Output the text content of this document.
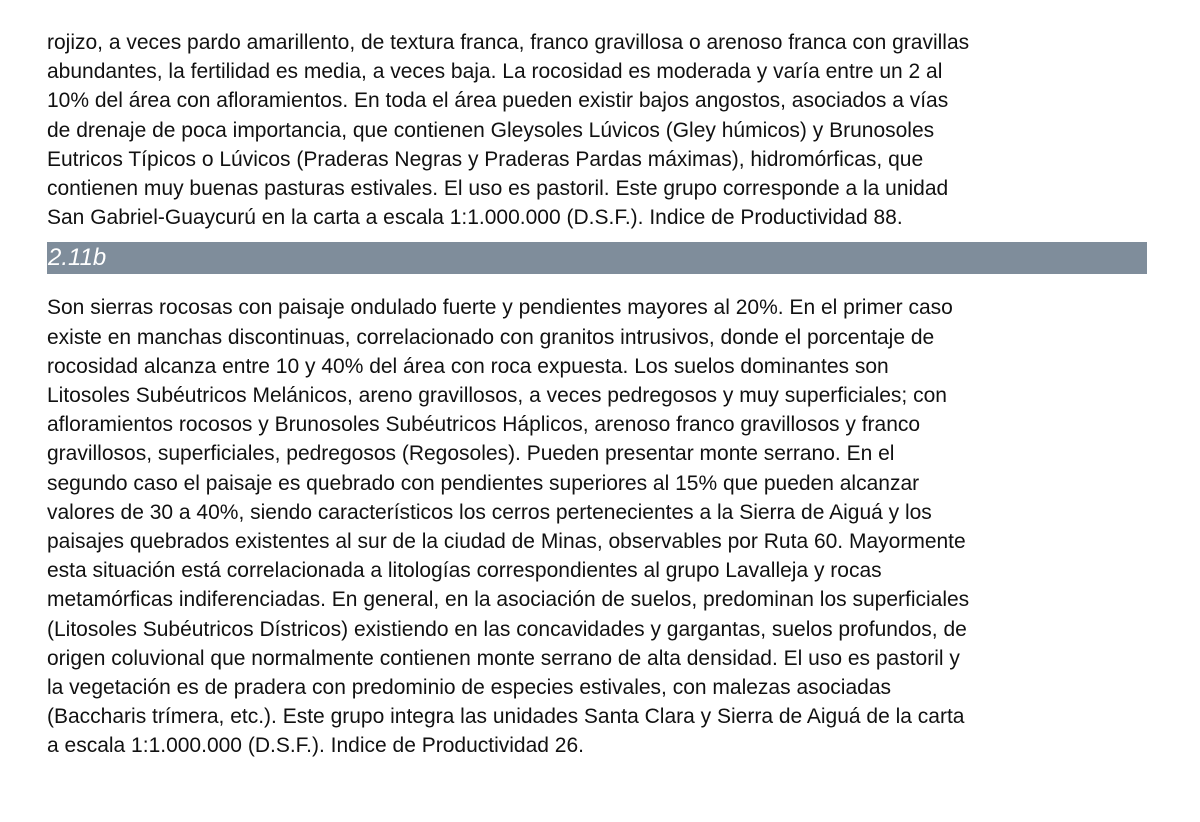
rojizo, a veces pardo amarillento, de textura franca, franco gravillosa o arenoso franca con gravillas
abundantes, la fertilidad es media, a veces baja. La rocosidad es moderada y varía entre un 2 al
10% del área con afloramientos. En toda el área pueden existir bajos angostos, asociados a vías
de drenaje de poca importancia, que contienen Gleysoles Lúvicos (Gley húmicos) y Brunosoles
Eutricos Típicos o Lúvicos (Praderas Negras y Praderas Pardas máximas), hidromórficas, que
contienen muy buenas pasturas estivales. El uso es pastoril. Este grupo corresponde a la unidad
San Gabriel-Guaycurú en la carta a escala 1:1.000.000 (D.S.F.). Indice de Productividad 88.

2.11b

Son sierras rocosas con paisaje ondulado fuerte y pendientes mayores al 20%. En el primer caso
existe en manchas discontinuas, correlacionado con granitos intrusivos, donde el porcentaje de
rocosidad alcanza entre 10 y 40% del área con roca expuesta. Los suelos dominantes son
Litosoles Subéutricos Melánicos, areno gravillosos, a veces pedregosos y muy superficiales; con
afloramientos rocosos y Brunosoles Subéutricos Háplicos, arenoso franco gravillosos y franco
gravillosos, superficiales, pedregosos (Regosoles). Pueden presentar monte serrano. En el
segundo caso el paisaje es quebrado con pendientes superiores al 15% que pueden alcanzar
valores de 30 a 40%, siendo característicos los cerros pertenecientes a la Sierra de Aiguá y los
paisajes quebrados existentes al sur de la ciudad de Minas, observables por Ruta 60. Mayormente
esta situación está correlacionada a litologías correspondientes al grupo Lavalleja y rocas
metamórficas indiferenciadas. En general, en la asociación de suelos, predominan los superficiales
(Litosoles Subéutricos Dístricos) existiendo en las concavidades y gargantas, suelos profundos, de
origen coluvional que normalmente contienen monte serrano de alta densidad. El uso es pastoril y
la vegetación es de pradera con predominio de especies estivales, con malezas asociadas
(Baccharis trímera, etc.). Este grupo integra las unidades Santa Clara y Sierra de Aiguá de la carta
a escala 1:1.000.000 (D.S.F.). Indice de Productividad 26.
